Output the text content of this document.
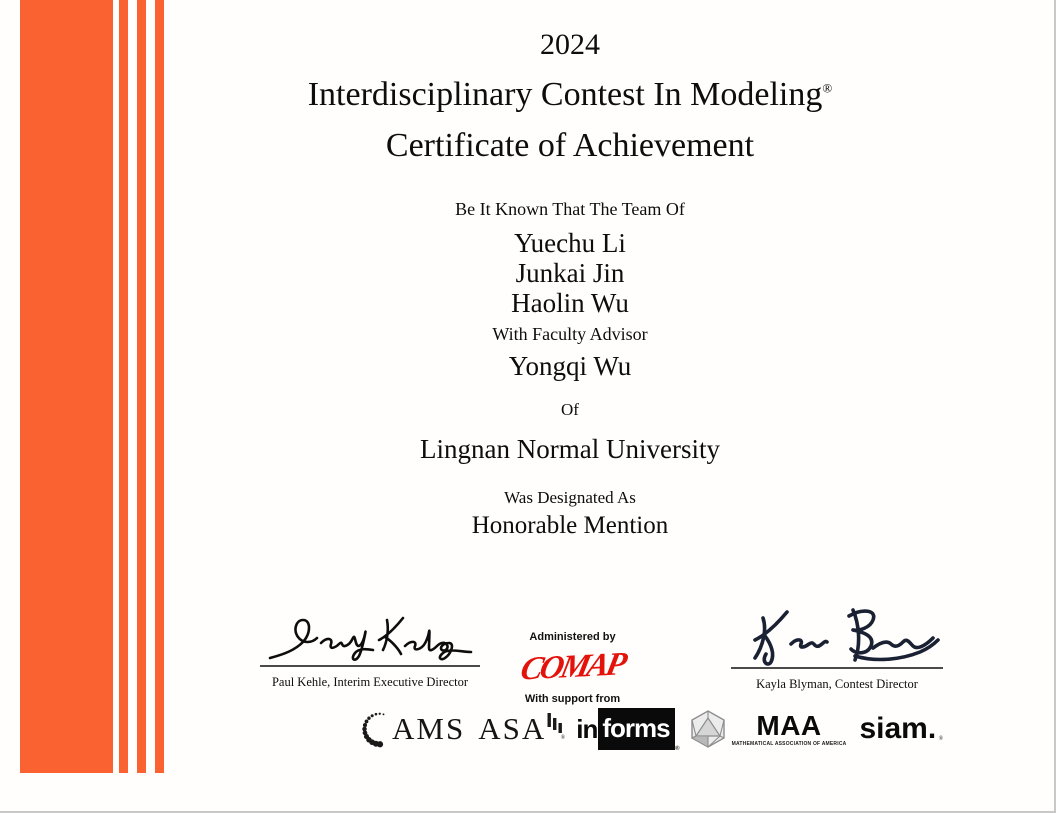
2024
Interdisciplinary Contest In Modeling®
Certificate of Achievement
Be It Known That The Team Of
Yuechu Li
Junkai Jin
Haolin Wu
With Faculty Advisor
Yongqi Wu
Of
Lingnan Normal University
Was Designated As
Honorable Mention
Paul Kehle, Interim Executive Director
Administered by
COMAP
With support from
Kayla Blyman, Contest Director
AMS ASA ® in forms
®
MAA
MATHEMATICAL ASSOCIATION OF AMERICA siam. ®
